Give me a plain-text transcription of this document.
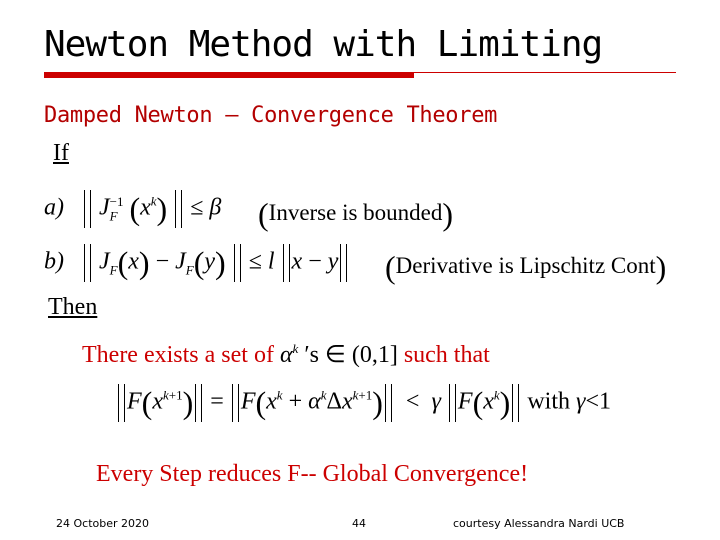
Newton Method with Limiting
Damped Newton – Convergence Theorem
If
a) $J_F^{-1}$ $(x^k) \le \beta$ (Inverse is bounded)
b) $J_F(x) - J_F(y) \le l$ x − y	(Derivative is Lipschitz Cont)
Then
There exists a set of $\alpha^k$ ′s ∈ (0,1] such that
$F(x^{k+1}) = F(x^k + \alpha^k\Delta x^{k+1}) < \gamma$ $F(x^k)$ with γ<1
Every Step reduces F-- Global Convergence!
24 October 2020	44	courtesy Alessandra Nardi UCB
